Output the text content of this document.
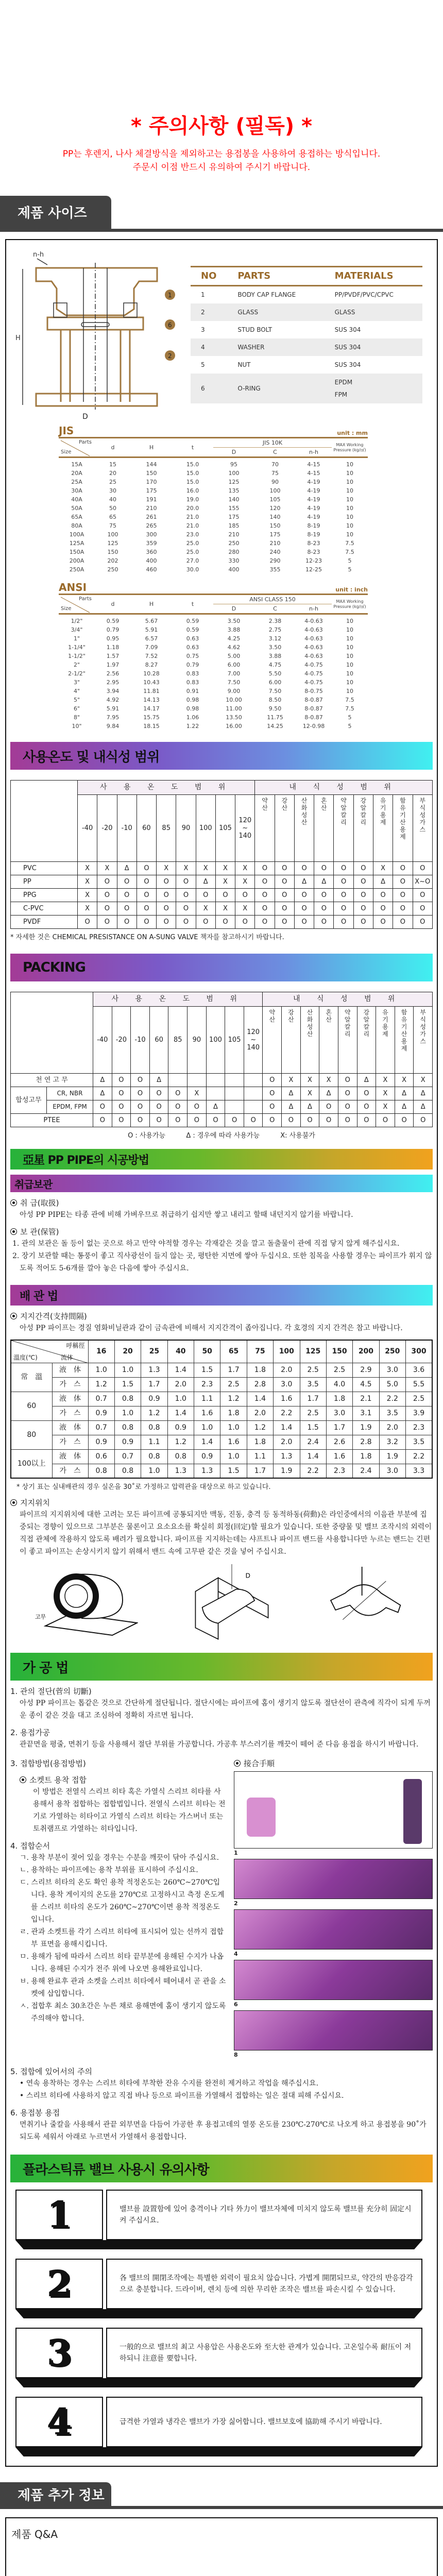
* 주의사항 (필독) *
PP는 후렌지, 나사 체결방식을 제외하고는 용접봉을 사용하여 용접하는 방식입니다.
주문시 이점 반드시 유의하여 주시기 바랍니다.
제품 사이즈
n-h
H
1
6
2
NO	PARTS	MATERIALS
1	BODY CAP FLANGE	PP/PVDF/PVC/CPVC

2	GLASS	GLASS

3	STUD BOLT	SUS 304

4	WASHER	SUS 304

5	NUT	SUS 304

6	O-RING	EPDM
FPM
D
JIS	unit : mm
Parts
Size	d	H	t	JIS 10K			MAX Working Pressure (kg/㎠)
				D	C	n-h	
15A	15	144	15.0	95	70	4-15	10
20A	20	150	15.0	100	75	4-15	10
25A	25	170	15.0	125	90	4-19	10
30A	30	175	16.0	135	100	4-19	10
40A	40	191	19.0	140	105	4-19	10
50A	50	210	20.0	155	120	4-19	10
65A	65	261	21.0	175	140	4-19	10
80A	75	265	21.0	185	150	8-19	10
100A	100	300	23.0	210	175	8-19	10
125A	125	359	25.0	250	210	8-23	7.5
150A	150	360	25.0	280	240	8-23	7.5
200A	202	400	27.0	330	290	12-23	5
250A	250	460	30.0	400	355	12-25	5
ANSI	unit : inch
Parts
Size	d	H	t	ANSI CLASS 150			MAX Working Pressure (kg/㎠)
				D	C	n-h	
1/2"	0.59	5.67	0.59	3.50	2.38	4-0.63	10
3/4"	0.79	5.91	0.59	3.88	2.75	4-0.63	10
1"	0.95	6.57	0.63	4.25	3.12	4-0.63	10
1-1/4"	1.18	7.09	0.63	4.62	3.50	4-0.63	10
1-1/2"	1.57	7.52	0.75	5.00	3.88	4-0.63	10
2"	1.97	8.27	0.79	6.00	4.75	4-0.75	10
2-1/2"	2.56	10.28	0.83	7.00	5.50	4-0.75	10
3"	2.95	10.43	0.83	7.50	6.00	4-0.75	10
4"	3.94	11.81	0.91	9.00	7.50	8-0.75	10
5"	4.92	14.13	0.98	10.00	8.50	8-0.87	7.5
6"	5.91	14.17	0.98	11.00	9.50	8-0.87	7.5
8"	7.95	15.75	1.06	13.50	11.75	8-0.87	5
10"	9.84	18.15	1.22	16.00	14.25	12-0.98	5
사용온도 및 내식성 범위
	사 용 온 도 범 위									내 식 성 범 위								
	-40	-20	-10	60	85	90	100	105	120 ~ 140	약산	강산	산화성산	혼산	약알칼리	강알칼리	유기용제	함유기산용제	부식성가스

PVC	X	X	Δ	O	X	X	X	X	X	O	O	O	O	O	O	X	O	O
PP	X	O	O	O	O	O	Δ	X	X	O	O	Δ	Δ	O	O	Δ	O	X~O
PPG	X	O	O	O	O	O	O	O	O	O	O	O	O	O	O	O	O	O
C-PVC	X	O	O	O	O	O	X	X	X	O	O	O	O	O	O	O	O	O
PVDF	O	O	O	O	O	O	O	O	O	O	O	O	O	O	O	O	O	O
* 자세한 것은 CHEMICAL PRESISTANCE ON A-SUNG VALVE 책자를 참고하시기 바랍니다.
PACKING
		사 용 온 도 범 위									내 식 성 범 위								
		-40	-20	-10	60	85	90	100	105	120 ~ 140	약산	강산	산화성산	혼산	약알칼리	강알칼리	유기용제	함유기산용제	부식성가스

천 연 고 무		Δ	O	O	Δ						O	X	X	X	O	Δ	X	X	X
합성고무	CR, NBR	Δ	O	O	O	O	X				O	Δ	X	Δ	O	O	X	Δ	Δ
	EPDM, FPM	O	O	O	O	O	O	Δ			O	Δ	Δ	O	O	O	X	Δ	Δ
PTEE		O	O	O	O	O	O	O	O	O	O	O	O	O	O	O	O	O	O
O : 사용가능	Δ : 경우에 따라 사용가능	X: 사용불가
亞星 PP PIPE의 시공방법
취급보관
취 급(取扱)
아성 PP PIPE는 타종 관에 비해 가벼우므로 취급하기 쉽지만 쌓고 내리고 할때 내던지지 않기를 바랍니다.
보 관(保管)
1. 관의 보관은 돌 등이 없는 곳으로 하고 만약 야적할 경우는 각재같은 것을 깔고 돌출물이 관에 직접 닿지 않게 해주십시요.
2. 장기 보관할 때는 통풍이 좋고 직사광선이 들지 않는 곳, 평탄한 지면에 쌓아 두십시요. 또한 침목을 사용할 경우는 파이프가 휘지 않도록 적어도 5-6개를 깔아 놓은 다음에 쌓아 주십시요.
배 관 법
지지간격(支持間隔)
아성 PP 파이프는 경질 염화비닐관과 같이 금속관에 비해서 지지간격이 좁아집니다. 각 호경의 지지 간격은 참고 바랍니다.
呼稱徑
溫度(℃) 流体		16	20	25	40	50	65	75	100	125	150	200	250	300
常　溫	液　体	1.0	1.0	1.3	1.4	1.5	1.7	1.8	2.0	2.5	2.5	2.9	3.0	3.6
	가　스	1.2	1.5	1.7	2.0	2.3	2.5	2.8	3.0	3.5	4.0	4.5	5.0	5.5
60	液　体	0.7	0.8	0.9	1.0	1.1	1.2	1.4	1.6	1.7	1.8	2.1	2.2	2.5
	가　스	0.9	1.0	1.2	1.4	1.6	1.8	2.0	2.2	2.5	3.0	3.1	3.5	3.9
80	液　体	0.7	0.8	0.8	0.9	1.0	1.0	1.2	1.4	1.5	1.7	1.9	2.0	2.3
	가　스	0.9	0.9	1.1	1.2	1.4	1.6	1.8	2.0	2.4	2.6	2.8	3.2	3.5
100以上	液　体	0.6	0.7	0.8	0.8	0.9	1.0	1.1	1.3	1.4	1.6	1.8	1.9	2.2
	가　스	0.8	0.8	1.0	1.3	1.3	1.5	1.7	1.9	2.2	2.3	2.4	3.0	3.3
* 상기 표는 실내배관의 경우 실온을 30˚로 가정하고 압력관을 대상으로 하고 있습니다.
지지위치
파이프의 지지위치에 대한 고려는 모든 파이프에 공통되지만 맥동, 진동, 충격 등 동적하동(荷動)은 라인중에서의 이음관 부분에 집중되는 경향이 있으므로 그부분은 물론이고 요소요소를 확실히 회정(回定)할 필요가 있습니다. 또한 중량물 및 밸브 조작시의 외력이 직접 관체에 작용하지 않도록 배려가 필요합니다. 파이프를 지지하는데는 샤프트나 파이프 밴드를 사용합니다만 누르는 밴드는 긴편이 좋고 파이프는 손상시키지 않기 위해서 밴드 속에 고무판 같은 것을 넣어 주십시요.
고무
D
가 공 법
1. 관의 절단(菅의 切斷)
아성 PP 파이프는 톱같은 것으로 간단하게 절단됩니다. 절단시에는 파이프에 홈이 생기지 않도록 절단선이 관측에 직각이 되게 두꺼운 종이 같은 것을 대고 조심하여 정확히 자르면 됩니다.
2. 용접가공
관끝면을 평줄, 면취기 등을 사용해서 절단 부위를 가공합니다. 가공후 부스러기를 깨끗이 떼어 준 다음 용접을 하시기 바랍니다.
3. 접합방법(용접방법)
소켓트 용착 접합
이 방법은 전열식 스리브 히타 혹은 가열식 스리브 히타를 사용해서 용착 접합하는 접합법입니다. 전열식 스리브 히타는 전기로 가열하는 히타이고 가열식 스리브 히타는 가스버너 또는 토취램프로 가열하는 히타입니다.
4. 접합순서
ㄱ. 용착 부분이 젖어 있을 경우는 수분을 깨끗이 닦아 주십시요.
ㄴ. 용착하는 파이프에는 용착 부위를 표시하여 주십시요.
ㄷ. 스리브 히타의 온도 확인 용착 적정온도는 260℃~270℃입니다. 용착 게이지의 온도를 270℃로 고정하시고 측정 온도계를 스리브 히타의 온도가 260℃~270℃이면 용착 적정온도입니다.
ㄹ. 관과 소켓트를 각기 스리브 히타에 표시되어 있는 선까지 접합부 표면을 용해시킵니다.
ㅁ. 용해가 됨에 따라서 스리브 히타 끝부분에 용해된 수지가 나옵니다. 용해된 수지가 전주 위에 나오면 용해완료입니다.
ㅂ. 용해 완료후 관과 소켓을 스리브 히타에서 떼어내서 곧 관을 소켓에 삽입합니다.
ㅅ. 접합후 최소 30초간은 누른 채로 용해면에 홈이 생기지 않도록 주의해야 합니다.
接合手順
1
2
4
6
8
5. 접합에 있어서의 주의
• 연속 용착하는 경우는 스리브 히타에 부착한 잔유 수지를 완전히 제거하고 작업을 해주십시요.
• 스리브 히타에 사용하지 않고 직접 바나 등으로 파이프를 가열해서 접합하는 일은 절대 피해 주십시요.
6. 용접봉 용접
면취기나 줄칼을 사용해서 관끝 외부면을 다듬어 가공한 후 용접고데의 열풍 온도를 230℃-270℃로 나오게 하고 용접봉을 90˚가 되도록 세워서 아래로 누르면서 가열해서 용접합니다.
플라스틱류 밸브 사용시 유의사항
1	밸브를 設置함에 있어 충격이나 기타 外力이 밸브자체에 미치지 않도록 밸브를 充分히 固定시켜 주십시요.
2	各 밸브의 開閉조작에는 특별한 외력이 필요치 않습니다. 가볍게 開閉되므로, 약간의 반응감각으로 충분합니다. 드라이버, 렌치 등에 의한 무리한 조작은 밸브를 파손시킬 수 있습니다.
3	一般的으로 밸브의 최고 사용압은 사용온도와 至大한 관계가 있습니다. 고온일수록 耐压이 저하되니 注意를 要합니다.
4	급격한 가열과 냉각은 밸브가 가장 싫어합니다. 밸브보호에 協助해 주시기 바랍니다.
제품 추가 정보
제품 Q&A
